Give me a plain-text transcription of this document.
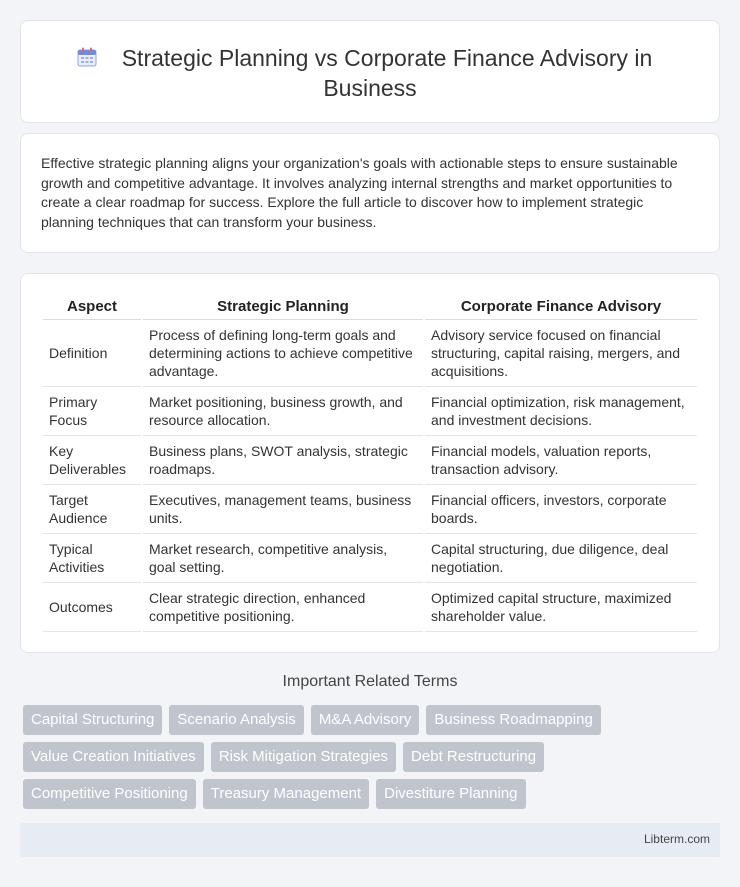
Strategic Planning vs Corporate Finance Advisory in
Business

Effective strategic planning aligns your organization's goals with actionable steps to ensure sustainable growth and competitive advantage. It involves analyzing internal strengths and market opportunities to create a clear roadmap for success. Explore the full article to discover how to implement strategic planning techniques that can transform your business.

Aspect	Strategic Planning	Corporate Finance Advisory
Definition	Process of defining long-term goals and determining actions to achieve competitive advantage.	Advisory service focused on financial structuring, capital raising, mergers, and acquisitions.
Primary Focus	Market positioning, business growth, and resource allocation.	Financial optimization, risk management, and investment decisions.
Key Deliverables	Business plans, SWOT analysis, strategic roadmaps.	Financial models, valuation reports, transaction advisory.
Target Audience	Executives, management teams, business units.	Financial officers, investors, corporate boards.
Typical Activities	Market research, competitive analysis, goal setting.	Capital structuring, due diligence, deal negotiation.
Outcomes	Clear strategic direction, enhanced competitive positioning.	Optimized capital structure, maximized shareholder value.
Important Related Terms
Capital Structuring	Scenario Analysis	M&A Advisory	Business Roadmapping
Value Creation Initiatives	Risk Mitigation Strategies	Debt Restructuring
Competitive Positioning	Treasury Management	Divestiture Planning
Libterm.com
